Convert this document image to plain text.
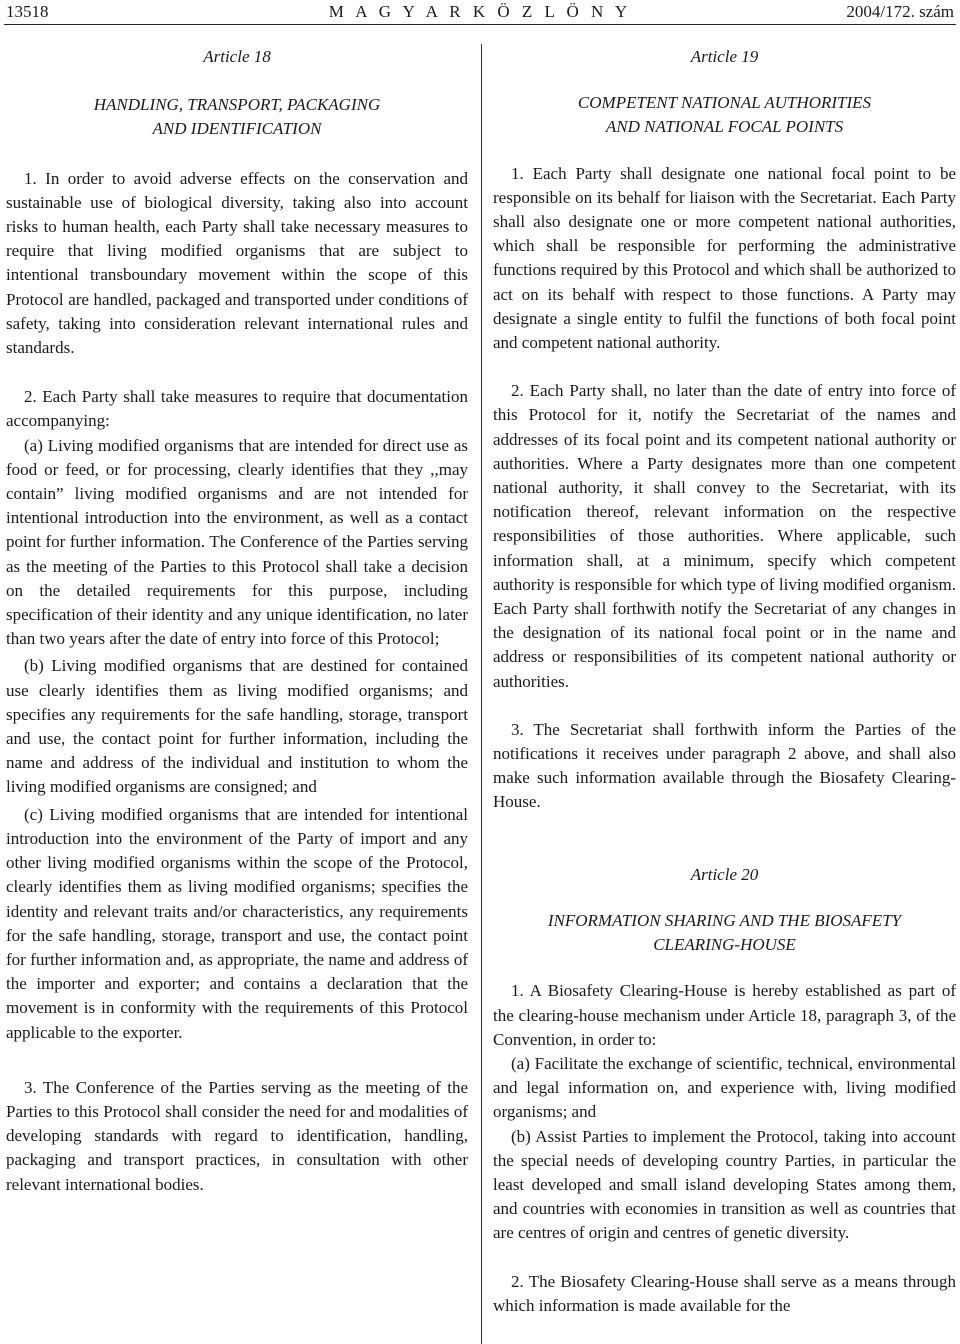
M A G Y A R K Ö Z L Ö N Y
13518	2004/172. szám

Article 18

HANDLING, TRANSPORT, PACKAGING

AND IDENTIFICATION

1. In order to avoid adverse effects on the conservation and sustainable use of biological diversity, taking also into account risks to human health, each Party shall take necessary measures to require that living modified organisms that are subject to intentional transboundary movement within the scope of this Protocol are handled, packaged and transported under conditions of safety, taking into consideration relevant international rules and standards.

2. Each Party shall take measures to require that documentation accompanying:

(a) Living modified organisms that are intended for direct use as food or feed, or for processing, clearly identifies that they ,,may contain” living modified organisms and are not intended for intentional introduction into the environment, as well as a contact point for further information. The Conference of the Parties serving as the meeting of the Parties to this Protocol shall take a decision on the detailed requirements for this purpose, including specification of their identity and any unique identification, no later than two years after the date of entry into force of this Protocol;

(b) Living modified organisms that are destined for contained use clearly identifies them as living modified organisms; and specifies any requirements for the safe handling, storage, transport and use, the contact point for further information, including the name and address of the individual and institution to whom the living modified organisms are consigned; and

(c) Living modified organisms that are intended for intentional introduction into the environment of the Party of import and any other living modified organisms within the scope of the Protocol, clearly identifies them as living modified organisms; specifies the identity and relevant traits and/or characteristics, any requirements for the safe handling, storage, transport and use, the contact point for further information and, as appropriate, the name and address of the importer and exporter; and contains a declaration that the movement is in conformity with the requirements of this Protocol applicable to the exporter.

3. The Conference of the Parties serving as the meeting of the Parties to this Protocol shall consider the need for and modalities of developing standards with regard to identification, handling, packaging and transport practices, in consultation with other relevant international bodies.

Article 19

COMPETENT NATIONAL AUTHORITIES

AND NATIONAL FOCAL POINTS

1. Each Party shall designate one national focal point to be responsible on its behalf for liaison with the Secretariat. Each Party shall also designate one or more competent national authorities, which shall be responsible for performing the administrative functions required by this Protocol and which shall be authorized to act on its behalf with respect to those functions. A Party may designate a single entity to fulfil the functions of both focal point and competent national authority.

2. Each Party shall, no later than the date of entry into force of this Protocol for it, notify the Secretariat of the names and addresses of its focal point and its competent national authority or authorities. Where a Party designates more than one competent national authority, it shall convey to the Secretariat, with its notification thereof, relevant information on the respective responsibilities of those authorities. Where applicable, such information shall, at a minimum, specify which competent authority is responsible for which type of living modified organism. Each Party shall forthwith notify the Secretariat of any changes in the designation of its national focal point or in the name and address or responsibilities of its competent national authority or authorities.

3. The Secretariat shall forthwith inform the Parties of the notifications it receives under paragraph 2 above, and shall also make such information available through the Biosafety Clearing-House.

Article 20

INFORMATION SHARING AND THE BIOSAFETY

CLEARING-HOUSE

1. A Biosafety Clearing-House is hereby established as part of the clearing-house mechanism under Article 18, paragraph 3, of the Convention, in order to:

(a) Facilitate the exchange of scientific, technical, environmental and legal information on, and experience with, living modified organisms; and

(b) Assist Parties to implement the Protocol, taking into account the special needs of developing country Parties, in particular the least developed and small island developing States among them, and countries with economies in transition as well as countries that are centres of origin and centres of genetic diversity.

2. The Biosafety Clearing-House shall serve as a means through which information is made available for the
